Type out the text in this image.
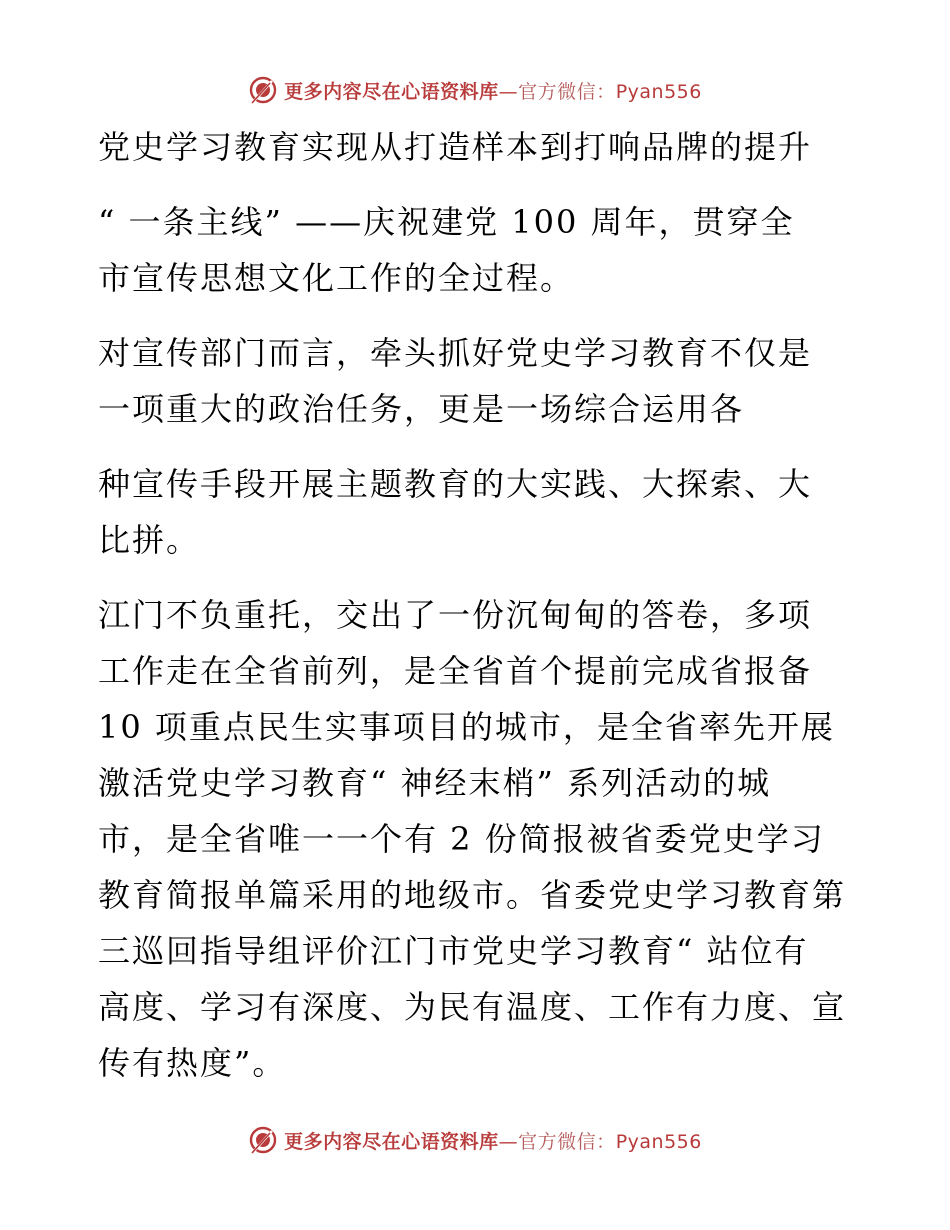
更多内容尽在心语资料库—官方微信：Pyan556
党史学习教育实现从打造样本到打响品牌的提升
“ 一条主线” ——庆祝建党 100 周年，贯穿全
市宣传思想文化工作的全过程。
对宣传部门而言，牵头抓好党史学习教育不仅是
一项重大的政治任务，更是一场综合运用各
种宣传手段开展主题教育的大实践、大探索、大
比拼。
江门不负重托，交出了一份沉甸甸的答卷，多项
工作走在全省前列，是全省首个提前完成省报备
10 项重点民生实事项目的城市，是全省率先开展
激活党史学习教育“ 神经末梢” 系列活动的城
市，是全省唯一一个有 2 份简报被省委党史学习
教育简报单篇采用的地级市。省委党史学习教育第
三巡回指导组评价江门市党史学习教育“ 站位有
高度、学习有深度、为民有温度、工作有力度、宣
传有热度”。
更多内容尽在心语资料库—官方微信：Pyan556
